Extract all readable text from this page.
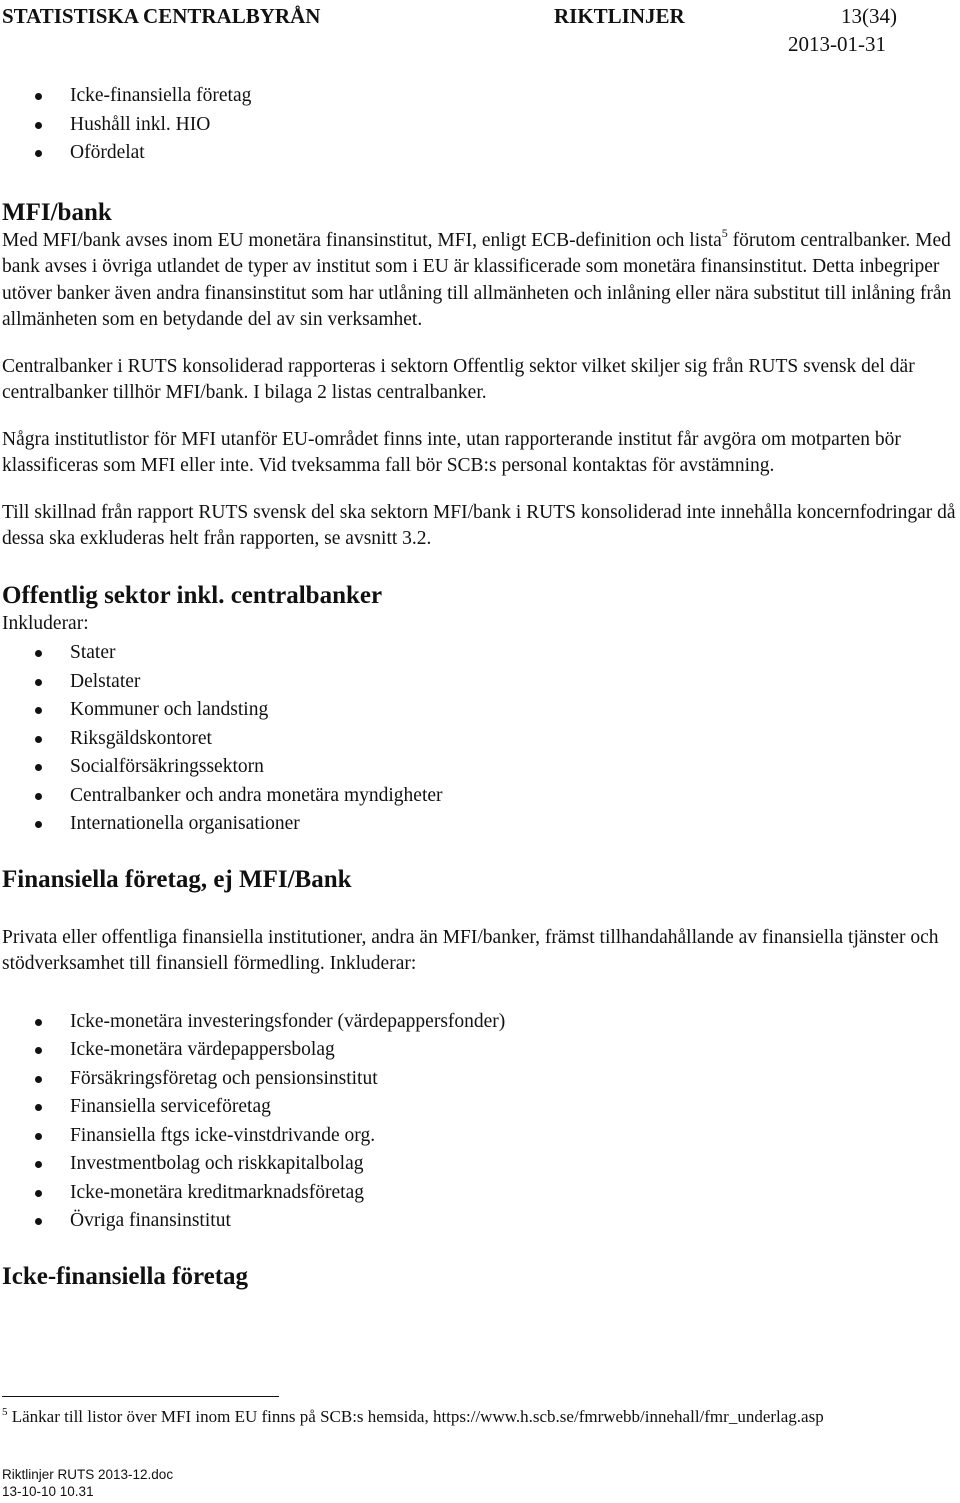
STATISTISKA CENTRALBYRÅN	RIKTLINJER	13(34)
2013-01-31
Icke-finansiella företag
Hushåll inkl. HIO
Ofördelat
MFI/bank

Med MFI/bank avses inom EU monetära finansinstitut, MFI, enligt ECB-definition och lista$^5$ förutom centralbanker. Med bank avses i övriga utlandet de typer av institut som i EU är klassificerade som monetära finansinstitut. Detta inbegriper utöver banker även andra finansinstitut som har utlåning till allmänheten och inlåning eller nära substitut till inlåning från allmänheten som en betydande del av sin verksamhet.

Centralbanker i RUTS konsoliderad rapporteras i sektorn Offentlig sektor vilket skiljer sig från RUTS svensk del där centralbanker tillhör MFI/bank. I bilaga 2 listas centralbanker.

Några institutlistor för MFI utanför EU-området finns inte, utan rapporterande institut får avgöra om motparten bör klassificeras som MFI eller inte. Vid tveksamma fall bör SCB:s personal kontaktas för avstämning.

Till skillnad från rapport RUTS svensk del ska sektorn MFI/bank i RUTS konsoliderad inte innehålla koncernfodringar då dessa ska exkluderas helt från rapporten, se avsnitt 3.2.

Offentlig sektor inkl. centralbanker

Inkluderar:

Stater
Delstater
Kommuner och landsting
Riksgäldskontoret
Socialförsäkringssektorn
Centralbanker och andra monetära myndigheter
Internationella organisationer
Finansiella företag, ej MFI/Bank

Privata eller offentliga finansiella institutioner, andra än MFI/banker, främst tillhandahållande av finansiella tjänster och stödverksamhet till finansiell förmedling. Inkluderar:

Icke-monetära investeringsfonder (värdepappersfonder)
Icke-monetära värdepappersbolag
Försäkringsföretag och pensionsinstitut
Finansiella serviceföretag
Finansiella ftgs icke-vinstdrivande org.
Investmentbolag och riskkapitalbolag
Icke-monetära kreditmarknadsföretag
Övriga finansinstitut
Icke-finansiella företag
$^5$ Länkar till listor över MFI inom EU finns på SCB:s hemsida, https://www.h.scb.se/fmrwebb/innehall/fmr_underlag.asp
Riktlinjer RUTS 2013-12.doc
13-10-10 10.31
